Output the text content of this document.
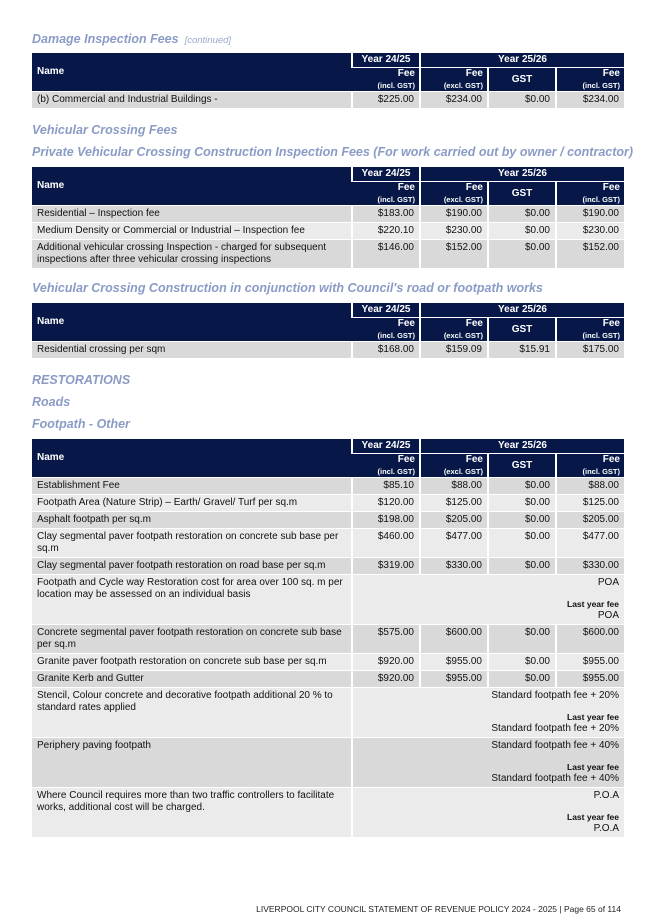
Damage Inspection Fees [continued]
Name	Year 24/25	Year 25/26		
	Fee	Fee	GST	Fee
	(incl. GST)	(excl. GST)		(incl. GST)
(b) Commercial and Industrial Buildings -	$225.00	$234.00	$0.00	$234.00
Vehicular Crossing Fees
Private Vehicular Crossing Construction Inspection Fees (For work carried out by owner / contractor)
Name	Year 24/25	Year 25/26		
	Fee	Fee	GST	Fee
	(incl. GST)	(excl. GST)		(incl. GST)
Residential – Inspection fee	$183.00	$190.00	$0.00	$190.00
Medium Density or Commercial or Industrial – Inspection fee	$220.10	$230.00	$0.00	$230.00
Additional vehicular crossing Inspection - charged for subsequent inspections after three vehicular crossing inspections	$146.00	$152.00	$0.00	$152.00
Vehicular Crossing Construction in conjunction with Council's road or footpath works
Name	Year 24/25	Year 25/26		
	Fee	Fee	GST	Fee
	(incl. GST)	(excl. GST)		(incl. GST)
Residential crossing per sqm	$168.00	$159.09	$15.91	$175.00
RESTORATIONS
Roads
Footpath - Other
Name	Year 24/25	Year 25/26		
	Fee	Fee	GST	Fee
	(incl. GST)	(excl. GST)		(incl. GST)
Establishment Fee	$85.10	$88.00	$0.00	$88.00
Footpath Area (Nature Strip) – Earth/ Gravel/ Turf per sq.m	$120.00	$125.00	$0.00	$125.00
Asphalt footpath per sq.m	$198.00	$205.00	$0.00	$205.00
Clay segmental paver footpath restoration on concrete sub base per sq.m	$460.00	$477.00	$0.00	$477.00
Clay segmental paver footpath restoration on road base per sq.m	$319.00	$330.00	$0.00	$330.00
Footpath and Cycle way Restoration cost for area over 100 sq. m per location may be assessed on an individual basis	POA
Last year fee
POA			

Concrete segmental paver footpath restoration on concrete sub base per sq.m	$575.00	$600.00	$0.00	$600.00
Granite paver footpath restoration on concrete sub base per sq.m	$920.00	$955.00	$0.00	$955.00
Granite Kerb and Gutter	$920.00	$955.00	$0.00	$955.00
Stencil, Colour concrete and decorative footpath additional 20 % to standard rates applied	Standard footpath fee + 20%
Last year fee
Standard footpath fee + 20%			

Periphery paving footpath	Standard footpath fee + 40%
Last year fee
Standard footpath fee + 40%			

Where Council requires more than two traffic controllers to facilitate works, additional cost will be charged.	P.O.A
Last year fee
P.O.A			
LIVERPOOL CITY COUNCIL STATEMENT OF REVENUE POLICY 2024 - 2025 | Page 65 of 114
